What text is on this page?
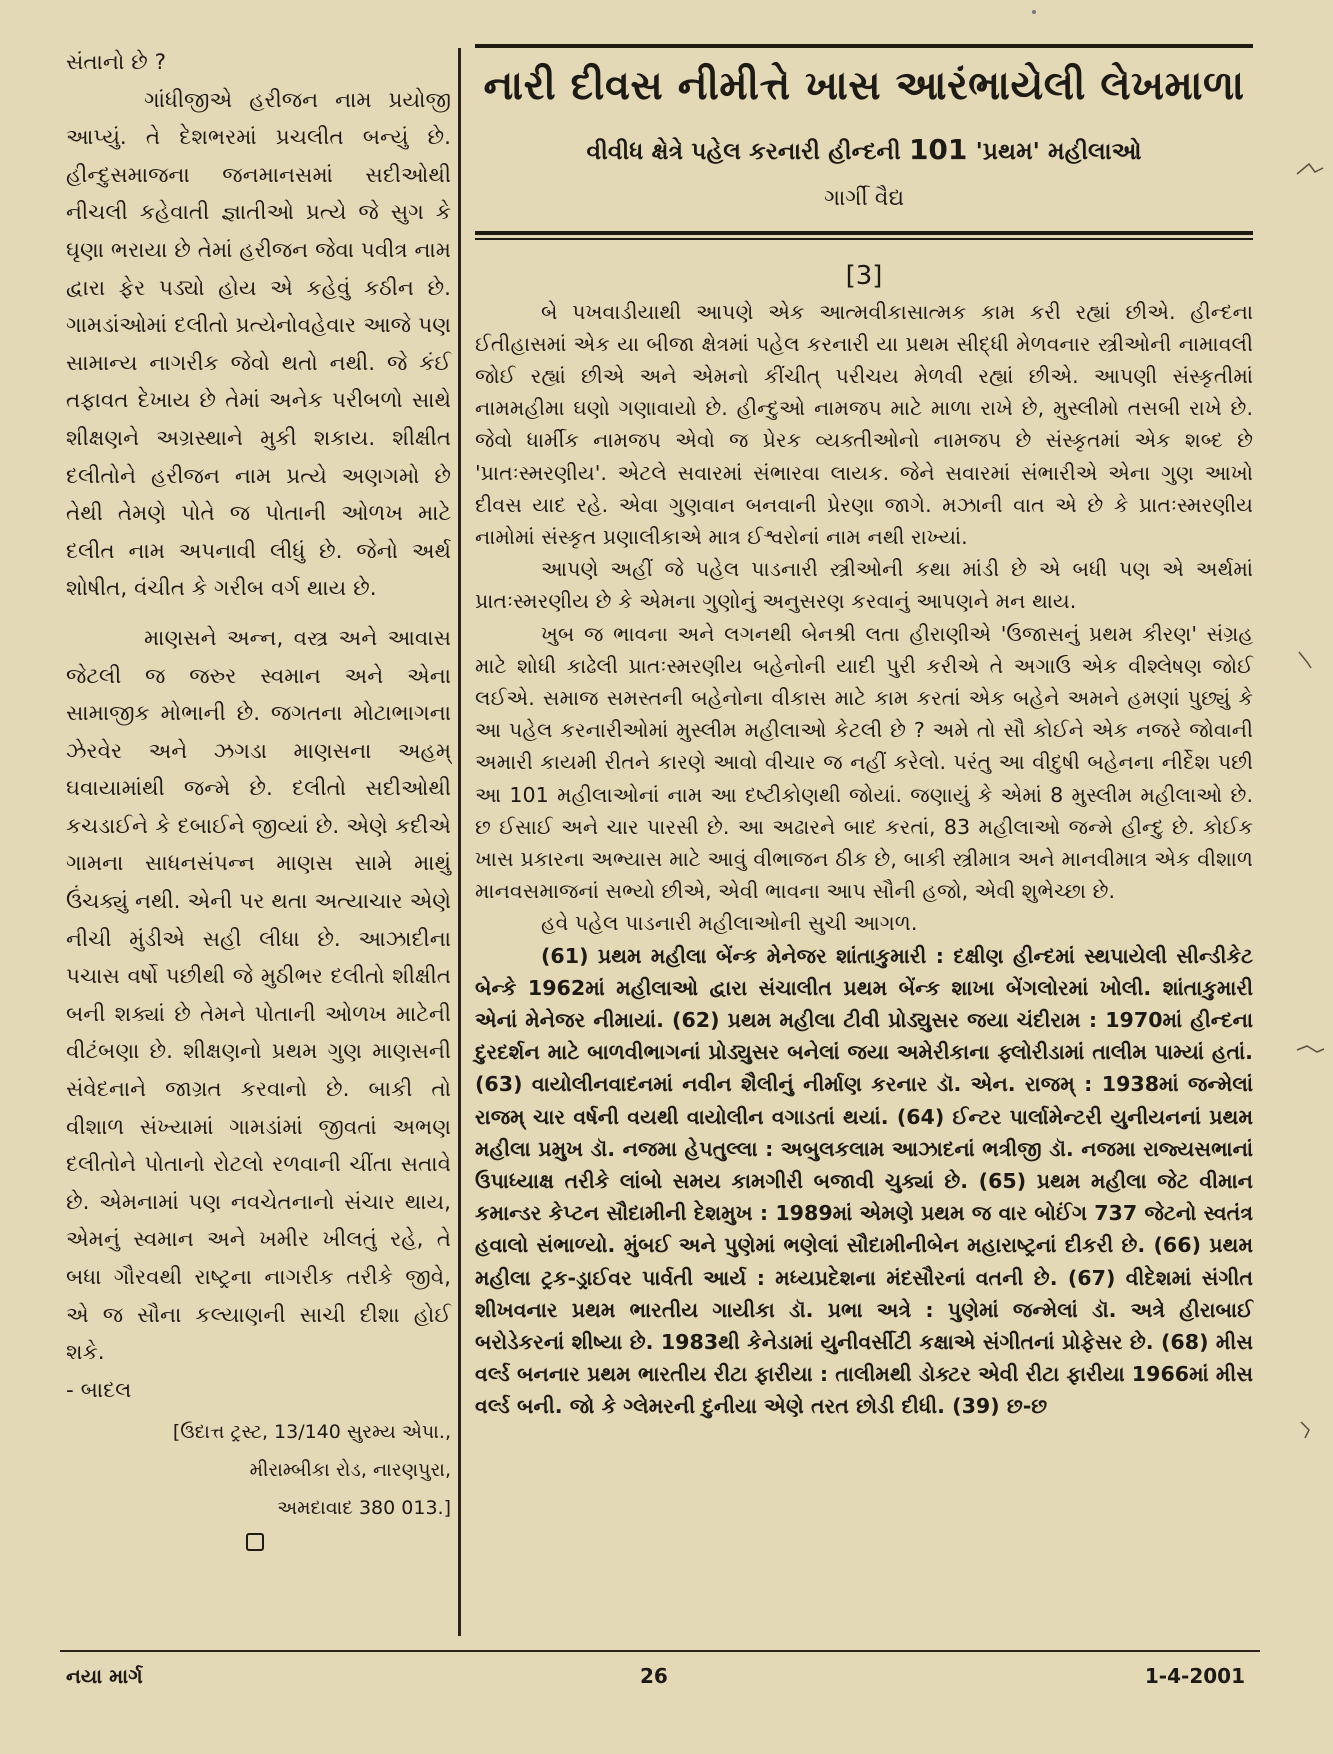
સંતાનો છે ?

ગાંધીજીએ હરીજન નામ પ્રયોજી આપ્યું. તે દેશભરમાં પ્રચલીત બન્યું છે. હીન્દુસમાજના જનમાનસમાં સદીઓથી નીચલી કહેવાતી જ્ઞાતીઓ પ્રત્યે જે સુગ કે ઘૃણા ભરાયા છે તેમાં હરીજન જેવા પવીત્ર નામ દ્વારા ફેર પડ્યો હોય એ કહેવું કઠીન છે. ગામડાંઓમાં દલીતો પ્રત્યેનોવહેવાર આજે પણ સામાન્ય નાગરીક જેવો થતો નથી. જે કંઈ તફાવત દેખાય છે તેમાં અનેક પરીબળો સાથે શીક્ષણને અગ્રસ્થાને મુકી શકાય. શીક્ષીત દલીતોને હરીજન નામ પ્રત્યે અણગમો છે તેથી તેમણે પોતે જ પોતાની ઓળખ માટે દલીત નામ અપનાવી લીધું છે. જેનો અર્થ શોષીત, વંચીત કે ગરીબ વર્ગ થાય છે.

માણસને અન્ન, વસ્ત્ર અને આવાસ જેટલી જ જરુર સ્વમાન અને એના સામાજીક મોભાની છે. જગતના મોટાભાગના ઝેરવેર અને ઝગડા માણસના અહમ્ ઘવાયામાંથી જન્મે છે. દલીતો સદીઓથી કચડાઈને કે દબાઈને જીવ્યાં છે. એણે કદીએ ગામના સાધનસંપન્ન માણસ સામે માથું ઉંચક્યું નથી. એની પર થતા અત્યાચાર એણે નીચી મુંડીએ સહી લીધા છે. આઝાદીના પચાસ વર્ષો પછીથી જે મુઠીભર દલીતો શીક્ષીત બની શક્યાં છે તેમને પોતાની ઓળખ માટેની વીટંબણા છે. શીક્ષણનો પ્રથમ ગુણ માણસની સંવેદનાને જાગ્રત કરવાનો છે. બાકી તો વીશાળ સંખ્યામાં ગામડાંમાં જીવતાં અભણ દલીતોને પોતાનો રોટલો રળવાની ચીંતા સતાવે છે. એમનામાં પણ નવચેતનાનો સંચાર થાય, એમનું સ્વમાન અને ખમીર ખીલતું રહે, તે બધા ગૌરવથી રાષ્ટ્રના નાગરીક તરીકે જીવે, એ જ સૌના કલ્યાણની સાચી દીશા હોઈ શકે.

- બાદલ

[ઉદાત્ત ટ્રસ્ટ, 13/140 સુરમ્ય એપા.,
મીરામ્બીકા રોડ, નારણપુરા,
અમદાવાદ 380 013.]
નારી દીવસ નીમીત્તે ખાસ આરંભાયેલી લેખમાળા
વીવીધ ક્ષેત્રે પહેલ કરનારી હીન્દની 101 'પ્રથમ' મહીલાઓ
ગાર્ગી વૈદ્ય
[3]

બે પખવાડીયાથી આપણે એક આત્મવીકાસાત્મક કામ કરી રહ્યાં છીએ. હીન્દના ઈતીહાસમાં એક યા બીજા ક્ષેત્રમાં પહેલ કરનારી યા પ્રથમ સીદ્ધી મેળવનાર સ્ત્રીઓની નામાવલી જોઈ રહ્યાં છીએ અને એમનો કીંચીત્ પરીચય મેળવી રહ્યાં છીએ. આપણી સંસ્કૃતીમાં નામમહીમા ઘણો ગણાવાયો છે. હીન્દુઓ નામજપ માટે માળા રાખે છે, મુસ્લીમો તસબી રાખે છે. જેવો ધાર્મીક નામજપ એવો જ પ્રેરક વ્યક્તીઓનો નામજપ છે સંસ્કૃતમાં એક શબ્દ છે 'પ્રાતઃસ્મરણીય'. એટલે સવારમાં સંભારવા લાયક. જેને સવારમાં સંભારીએ એના ગુણ આખો દીવસ યાદ રહે. એવા ગુણવાન બનવાની પ્રેરણા જાગે. મઝાની વાત એ છે કે પ્રાતઃસ્મરણીય નામોમાં સંસ્કૃત પ્રણાલીકાએ માત્ર ઈશ્વરોનાં નામ નથી રાખ્યાં.

આપણે અહીં જે પહેલ પાડનારી સ્ત્રીઓની કથા માંડી છે એ બધી પણ એ અર્થમાં પ્રાતઃસ્મરણીય છે કે એમના ગુણોનું અનુસરણ કરવાનું આપણને મન થાય.

ખુબ જ ભાવના અને લગનથી બેનશ્રી લતા હીરાણીએ 'ઉજાસનું પ્રથમ કીરણ' સંગ્રહ માટે શોધી કાઢેલી પ્રાતઃસ્મરણીય બહેનોની યાદી પુરી કરીએ તે અગાઉ એક વીશ્લેષણ જોઈ લઈએ. સમાજ સમસ્તની બહેનોના વીકાસ માટે કામ કરતાં એક બહેને અમને હમણાં પુછ્યું કે આ પહેલ કરનારીઓમાં મુસ્લીમ મહીલાઓ કેટલી છે ? અમે તો સૌ કોઈને એક નજરે જોવાની અમારી કાયમી રીતને કારણે આવો વીચાર જ નહીં કરેલો. પરંતુ આ વીદુષી બહેનના નીર્દેશ પછી આ 101 મહીલાઓનાં નામ આ દષ્ટીકોણથી જોયાં. જણાયું કે એમાં 8 મુસ્લીમ મહીલાઓ છે. છ ઈસાઈ અને ચાર પારસી છે. આ અઢારને બાદ કરતાં, 83 મહીલાઓ જન્મે હીન્દુ છે. કોઈક ખાસ પ્રકારના અભ્યાસ માટે આવું વીભાજન ઠીક છે, બાકી સ્ત્રીમાત્ર અને માનવીમાત્ર એક વીશાળ માનવસમાજનાં સભ્યો છીએ, એવી ભાવના આપ સૌની હજો, એવી શુભેચ્છા છે.

હવે પહેલ પાડનારી મહીલાઓની સુચી આગળ.

(61) પ્રથમ મહીલા બેંન્ક મેનેજર શાંતાકુમારી : દક્ષીણ હીન્દમાં સ્થપાયેલી સીન્ડીકેટ બેન્કે 1962માં મહીલાઓ દ્વારા સંચાલીત પ્રથમ બેંન્ક શાખા બેંગલોરમાં ખોલી. શાંતાકુમારી એનાં મેનેજર નીમાયાં. (62) પ્રથમ મહીલા ટીવી પ્રોડ્યુસર જયા ચંદીરામ : 1970માં હીન્દના દુરદર્શન માટે બાળવીભાગનાં પ્રોડ્યુસર બનેલાં જયા અમેરીકાના ફ્લોરીડામાં તાલીમ પામ્યાં હતાં. (63) વાયોલીનવાદનમાં નવીન શૈલીનું નીર્માણ કરનાર ડૉ. એન. રાજમ્ : 1938માં જન્મેલાં રાજમ્ ચાર વર્ષની વયથી વાયોલીન વગાડતાં થયાં. (64) ઈન્ટર પાર્લામેન્ટરી યુનીયનનાં પ્રથમ મહીલા પ્રમુખ ડૉ. નજમા હેપતુલ્લા : અબુલકલામ આઝાદનાં ભત્રીજી ડૉ. નજમા રાજ્યસભાનાં ઉપાધ્યાક્ષ તરીકે લાંબો સમય કામગીરી બજાવી ચુક્યાં છે. (65) પ્રથમ મહીલા જેટ વીમાન કમાન્ડર કેપ્ટન સૌદામીની દેશમુખ : 1989માં એમણે પ્રથમ જ વાર બોઈંગ 737 જેટનો સ્વતંત્ર હવાલો સંભાળ્યો. મુંબઈ અને પુણેમાં ભણેલાં સૌદામીનીબેન મહારાષ્ટ્રનાં દીકરી છે. (66) પ્રથમ મહીલા ટ્રક-ડ્રાઈવર પાર્વતી આર્ય : મધ્યપ્રદેશના મંદસૌરનાં વતની છે. (67) વીદેશમાં સંગીત શીખવનાર પ્રથમ ભારતીય ગાયીકા ડૉ. પ્રભા અત્રે : પુણેમાં જન્મેલાં ડૉ. અત્રે હીરાબાઈ બરોડેકરનાં શીષ્યા છે. 1983થી કેનેડામાં યુનીવર્સીટી કક્ષાએ સંગીતનાં પ્રોફેસર છે. (68) મીસ વર્લ્ડ બનનાર પ્રથમ ભારતીય રીટા ફારીયા : તાલીમથી ડોક્ટર એવી રીટા ફારીયા 1966માં મીસ વર્લ્ડ બની. જો કે ગ્લેમરની દુનીયા એણે તરત છોડી દીધી. (39) છ-છ

નયા માર્ગ	26	1-4-2001
